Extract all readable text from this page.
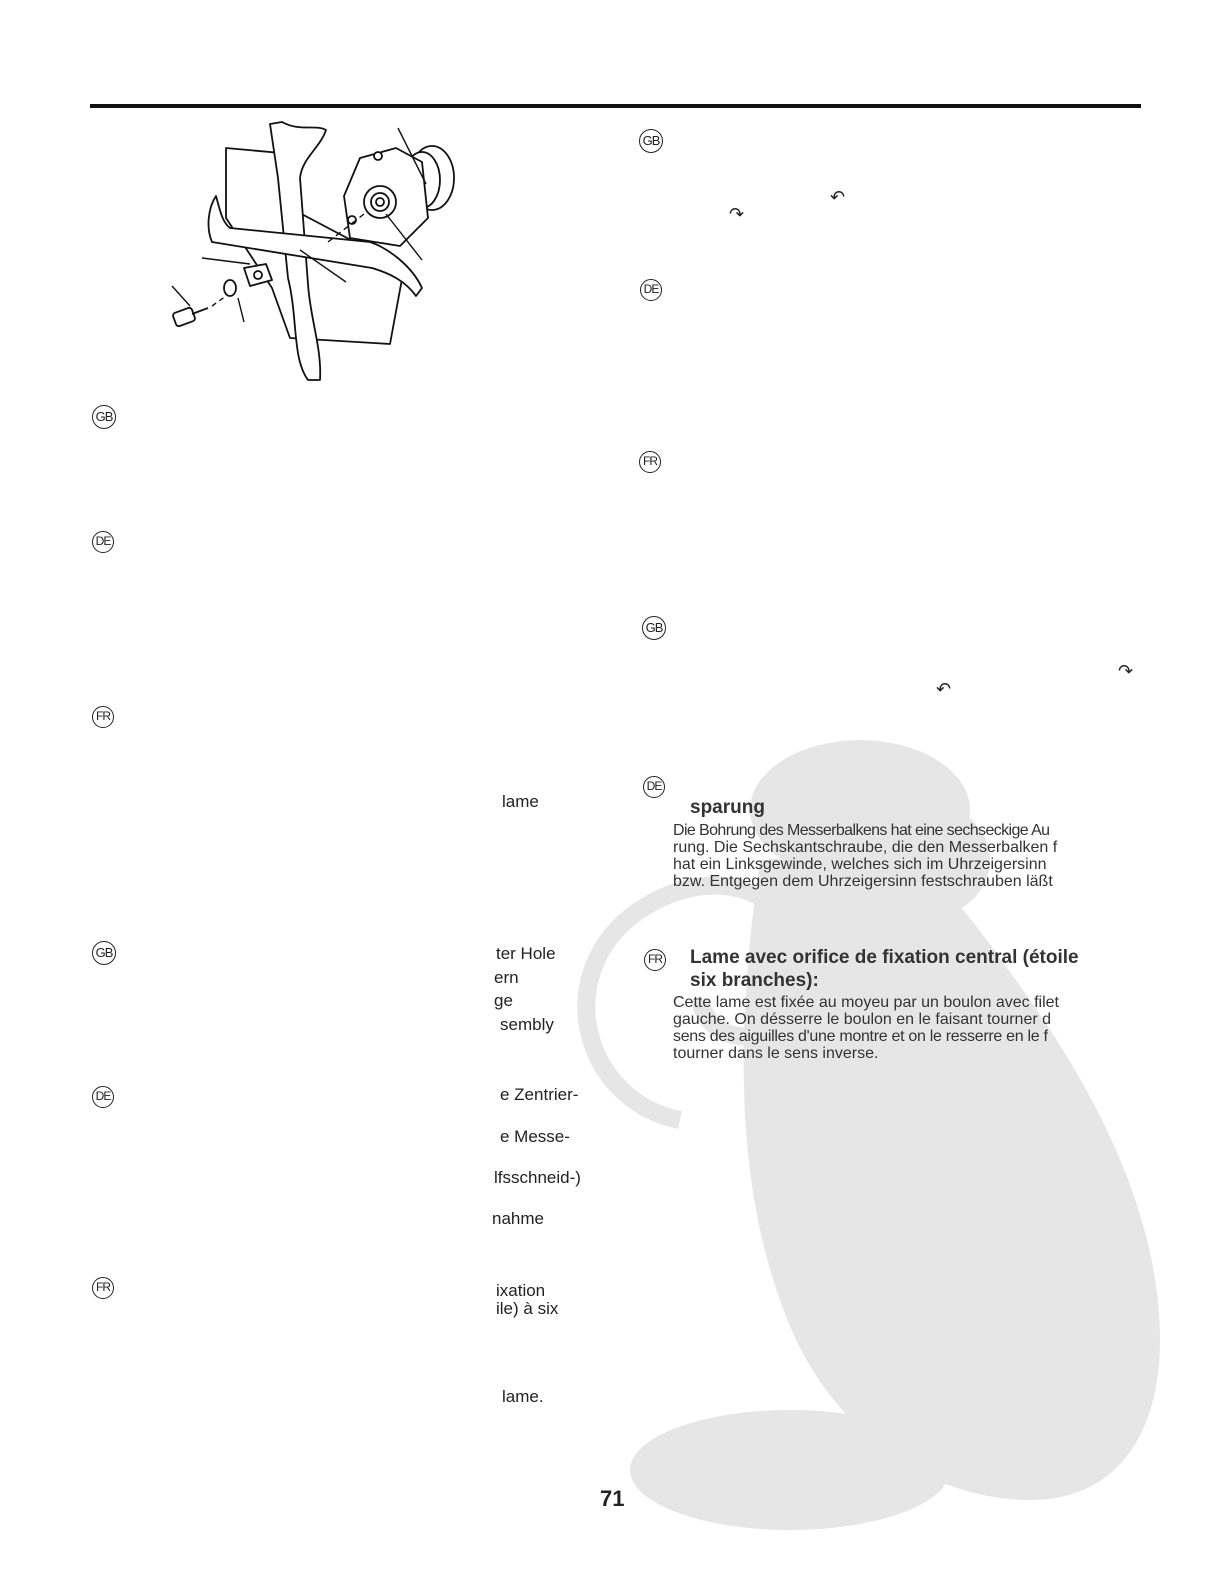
GB
DE
FR
GB
DE
FR
lame
ter Hole
ern
ge
sembly
e Zentrier-
e Messe-
lfsschneid-)
nahme
ixation
ile) à six
lame.
GB
DE
FR
GB
DE
FR
↶
↷
↷
↶
sparung
Die Bohrung des Messerbalkens hat eine sechseckige Au
rung. Die Sechskantschraube, die den Messerbalken f
hat ein Linksgewinde, welches sich im Uhrzeigersinn
bzw. Entgegen dem Uhrzeigersinn festschrauben läßt
Lame avec orifice de fixation central (étoile
six branches):
Cette lame est fixée au moyeu par un boulon avec filet
gauche. On désserre le boulon en le faisant tourner d
sens des aiguilles d'une montre et on le resserre en le f
tourner dans le sens inverse.
71
